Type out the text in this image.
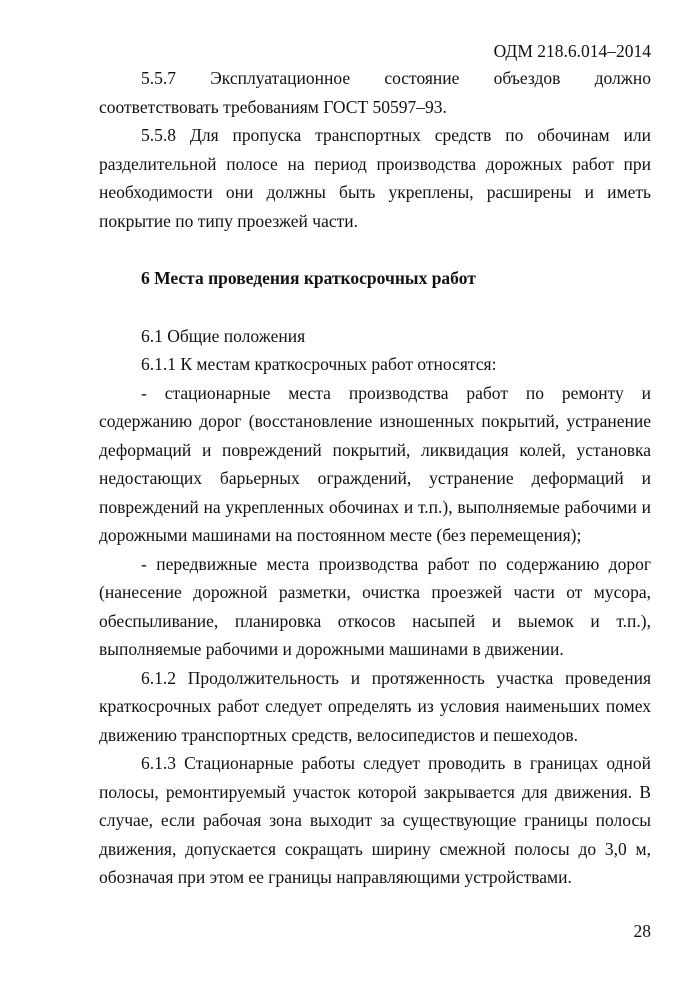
ОДМ 218.6.014–2014

5.5.7 Эксплуатационное состояние объездов должно соответствовать требованиям ГОСТ 50597–93.

5.5.8 Для пропуска транспортных средств по обочинам или разделительной полосе на период производства дорожных работ при необходимости они должны быть укреплены, расширены и иметь покрытие по типу проезжей части.

6 Места проведения краткосрочных работ

6.1 Общие положения

6.1.1 К местам краткосрочных работ относятся:

- стационарные места производства работ по ремонту и содержанию дорог (восстановление изношенных покрытий, устранение деформаций и повреждений покрытий, ликвидация колей, установка недостающих барьерных ограждений, устранение деформаций и повреждений на укрепленных обочинах и т.п.), выполняемые рабочими и дорожными машинами на постоянном месте (без перемещения);

- передвижные места производства работ по содержанию дорог (нанесение дорожной разметки, очистка проезжей части от мусора, обеспыливание, планировка откосов насыпей и выемок и т.п.), выполняемые рабочими и дорожными машинами в движении.

6.1.2 Продолжительность и протяженность участка проведения краткосрочных работ следует определять из условия наименьших помех движению транспортных средств, велосипедистов и пешеходов.

6.1.3 Стационарные работы следует проводить в границах одной полосы, ремонтируемый участок которой закрывается для движения. В случае, если рабочая зона выходит за существующие границы полосы движения, допускается сокращать ширину смежной полосы до 3,0 м, обозначая при этом ее границы направляющими устройствами.

28
